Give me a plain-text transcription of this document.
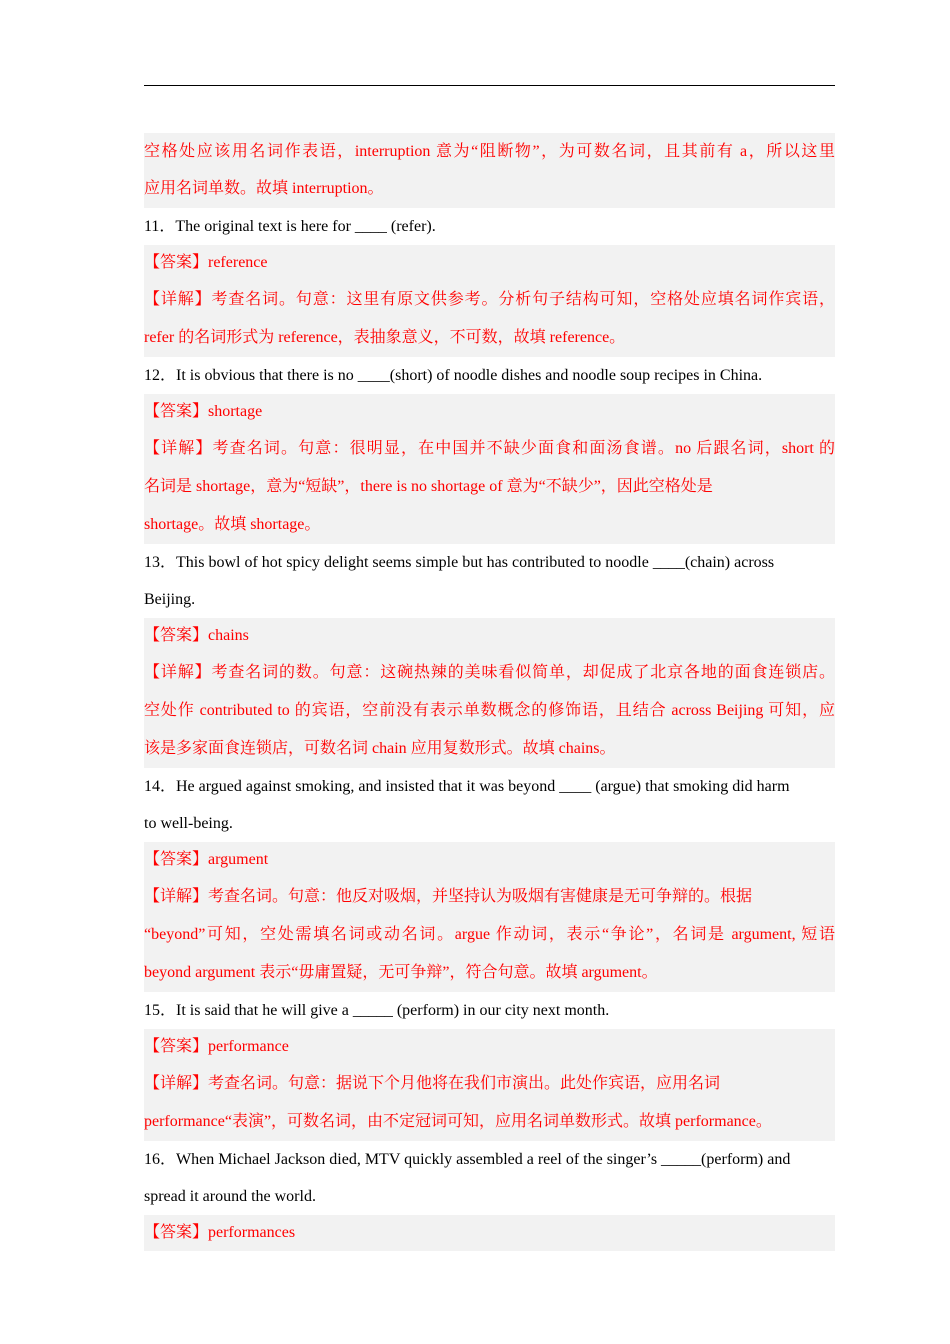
空格处应该用名词作表语，interruption 意为“阻断物”，为可数名词，且其前有 a，所以这里
应用名词单数。故填 interruption。
11．The original text is here for ____ (refer).
【答案】reference
【详解】考查名词。句意：这里有原文供参考。分析句子结构可知，空格处应填名词作宾语，
refer 的名词形式为 reference，表抽象意义，不可数，故填 reference。
12．It is obvious that there is no ____(short) of noodle dishes and noodle soup recipes in China.
【答案】shortage
【详解】考查名词。句意：很明显，在中国并不缺少面食和面汤食谱。no 后跟名词，short 的
名词是 shortage，意为“短缺”，there is no shortage of 意为“不缺少”，因此空格处是
shortage。故填 shortage。
13．This bowl of hot spicy delight seems simple but has contributed to noodle ____(chain) across
Beijing.
【答案】chains
【详解】考查名词的数。句意：这碗热辣的美味看似简单，却促成了北京各地的面食连锁店。
空处作 contributed to 的宾语，空前没有表示单数概念的修饰语，且结合 across Beijing 可知，应
该是多家面食连锁店，可数名词 chain 应用复数形式。故填 chains。
14．He argued against smoking, and insisted that it was beyond ____ (argue) that smoking did harm
to well-being.
【答案】argument
【详解】考查名词。句意：他反对吸烟，并坚持认为吸烟有害健康是无可争辩的。根据
“beyond”可知，空处需填名词或动名词。argue 作动词，表示“争论”，名词是 argument, 短语
beyond argument 表示“毋庸置疑，无可争辩”，符合句意。故填 argument。
15．It is said that he will give a _____ (perform) in our city next month.
【答案】performance
【详解】考查名词。句意：据说下个月他将在我们市演出。此处作宾语，应用名词
performance“表演”，可数名词，由不定冠词可知，应用名词单数形式。故填 performance。
16．When Michael Jackson died, MTV quickly assembled a reel of the singer’s _____(perform) and
spread it around the world.
【答案】performances
